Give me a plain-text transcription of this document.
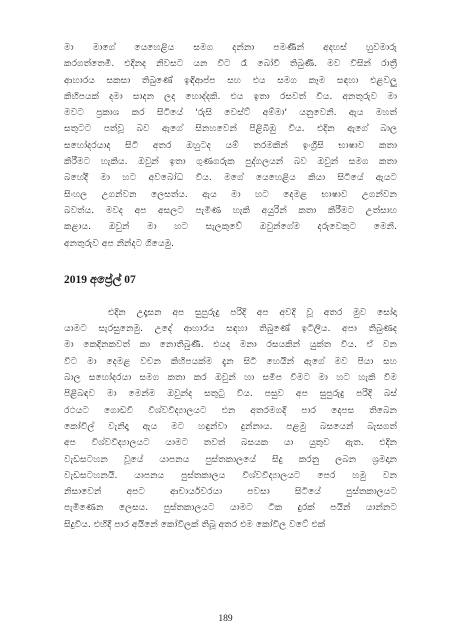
මා මාගේ යෙහෙළිය සමග දන්නා පමණින් අදහස් හුවමාරු
කරගත්තෙමි. එදිනද නිවසට යන විට රෑ බෝවී තිබුණි. මව විසින් රාත්‍රී
ආහාරය සකසා තිබුණේ ඉඳිආප්ප සහ එය සමග කෑම සඳහා එළවලු
කිහිපයක් දමා සාදන ලද හොද්දකි. එය ඉතා රසවත් විය. අනතුරුව මා
මවට ප්‍රකාශ කර සිටියේ 'රුසි වෙස්ට් අම්මා' යනුවෙනි. ඇය මහත්
සතුටට පත්වූ බව ඇගේ සිනහවෙන් පිළිබිඹු විය. එදින ඇගේ බාල
සහෝදරයාද සිටි අතර ඔහුටද යම් තරමකින් ඉංග්‍රීසි භාෂාව කතා
කිරීමට හැකිය. ඔවුන් ඉතා ගුණගරුක පුද්ගලයන් බව ඔවුන් සමග කතා
බහේදී මා හට අවබෝධ විය. මගේ යෙහෙළිය කියා සිටියේ ඇයට
සිංහල උගන්වන ලෙසත්ය. ඇය මා හට දෙමළ භාෂාව උගන්වන
බවත්ය. මවද අප අසලට පැමිණ හැකි අයුරින් කතා කිරීමට උත්සාහ
කළාය. ඔවුන් මා හට සැලකුවේ ඔවුන්ගේම දරුවෙකුට මෙනි.
අනතුරුව අප නින්දට ගියෙමු.

2019 අප්‍රේල් 07

එදින උදෑසන අප සුපුරුදු පරිදි අප අවදි වූ අතර මුව සෝදා
යාමට සැරසුනෙමු. උදේ ආහාරය සඳහා තිබුණේ ඉටිලිය. අපා තිබුණද
මා කෙදිනකවත් කා නොතිබුණි. එයද මනා රසයකින් යුක්ත විය. ඒ වන
විට මා දෙමළ වචන කිහිපයක්ම දැන සිටි හෙයින් ඇගේ මව පියා සහ
බාල සහෝදරයා සමග කතා කර ඔවුන් හා සමීප වීමට මා හට හැකි විම
පිළිබඳව මා මෙන්ම ඔවුන්ද සතුටු විය. පසුව අප සුපුරුදු පරිදි බස්
රථයට ගොඩවී විශ්වවිද්‍යාලයට එන අතරමගදී පාර දෙපස තිබෙන
කෝවිල් වැනිදෑ ඇය මට හඳුන්වා දුන්නාය. පළමු බසයෙන් බැසගත්
අප විශ්වවිද්‍යාලයට යාමට තවත් බසයක යා යුතුව ඇත. එදින
වැඩසටහන වූයේ යාපනය පුස්තකාලයේ සිදු කරනු ලබන ශ්‍රමදාන
වැඩසටහනයි. යාපනය පුස්තකාලය විශ්වවිද්‍යාලයට පෙර හමු වන
නිසාවෙන් අපට ආචාර්යවරයා පවසා සිටියේ පුස්තකාලයට
පැමිණෙන ලෙසය. පුස්තකාලයට යාමට ටික දුරක් පයින් යාන්නට
සිදුවිය. එහිදී පාර අයිනේ කෝවිලක් තිබූ අතර එම කෝවිල වටේ එක්

189
